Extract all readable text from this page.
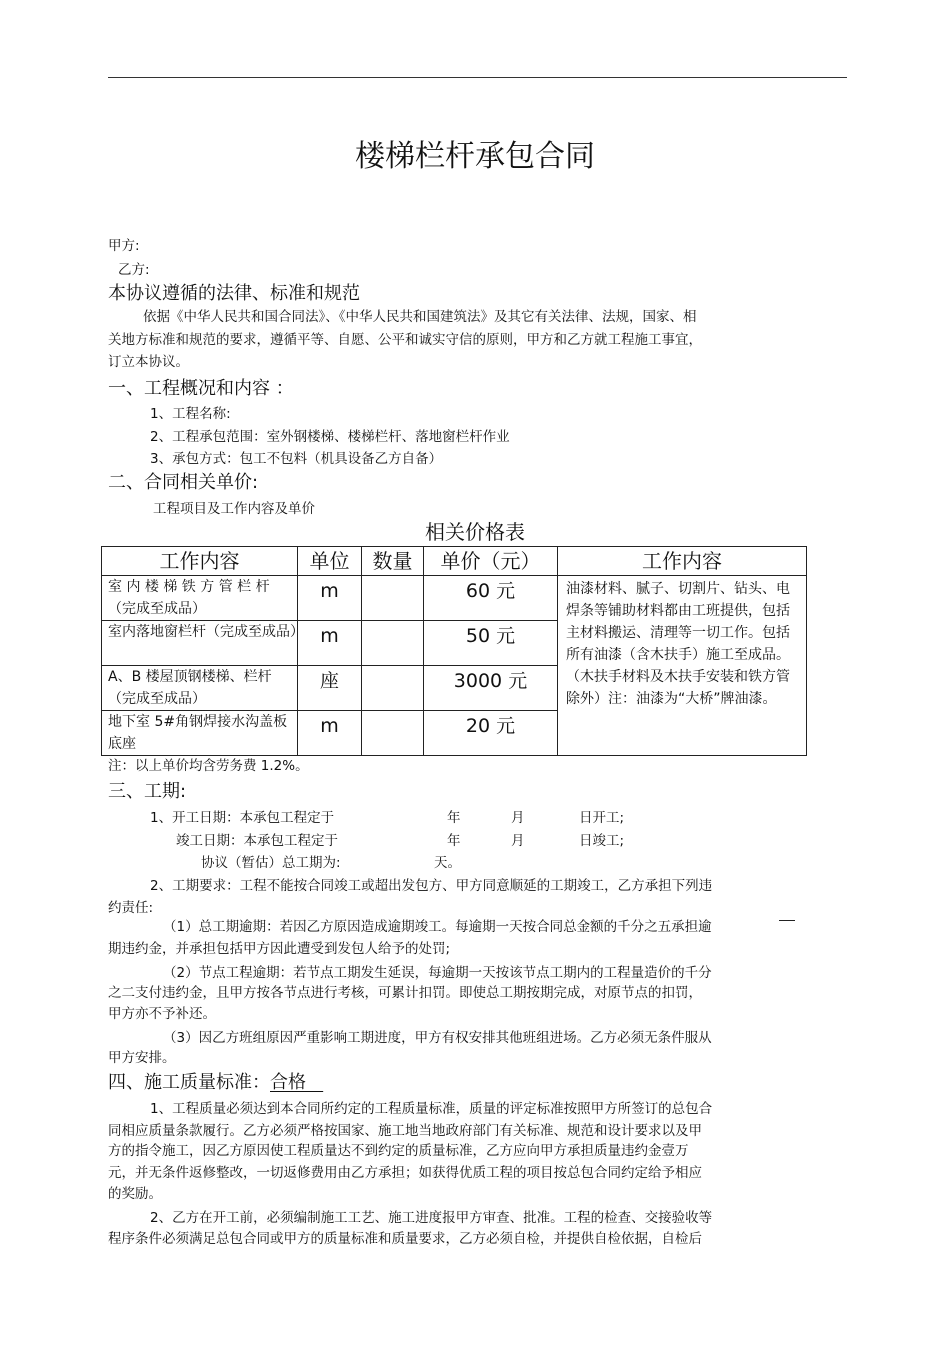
楼梯栏杆承包合同
甲方:
乙方:
本协议遵循的法律、标准和规范
依据《中华人民共和国合同法》、《中华人民共和国建筑法》及其它有关法律、法规，国家、相
关地方标准和规范的要求，遵循平等、自愿、公平和诚实守信的原则，甲方和乙方就工程施工事宜，
订立本协议。
一、工程概况和内容 ：
1、工程名称:
2、工程承包范围：室外钢楼梯、楼梯栏杆、落地窗栏杆作业
3、承包方式：包工不包料（机具设备乙方自备）
二、合同相关单价:
工程项目及工作内容及单价
相关价格表
工作内容	单位	数量	单价（元）	工作内容
室 内 楼 梯 铁 方 管 栏 杆（完成至成品）	m		60 元	油漆材料、腻子、切割片、钻头、电焊条等铺助材料都由工班提供，包括主材料搬运、清理等一切工作。包括所有油漆（含木扶手）施工至成品。（木扶手材料及木扶手安装和铁方管除外）注：油漆为“大桥”牌油漆。
室内落地窗栏杆（完成至成品）	m		50 元	
A、B 楼屋顶钢楼梯、栏杆（完成至成品）	座		3000 元	
地下室 5#角钢焊接水沟盖板底座	m		20 元	
注：以上单价均含劳务费 1.2%。
三、工期:
1、开工日期：本承包工程定于	年	月	日开工;
竣工日期：本承包工程定于	年	月	日竣工;
协议（暂估）总工期为:	天。
2、工期要求：工程不能按合同竣工或超出发包方、甲方同意顺延的工期竣工，乙方承担下列违
约责任:
（1）总工期逾期：若因乙方原因造成逾期竣工。每逾期一天按合同总金额的千分之五承担逾
期违约金，并承担包括甲方因此遭受到发包人给予的处罚;
（2）节点工程逾期：若节点工期发生延误，每逾期一天按该节点工期内的工程量造价的千分
之二支付违约金，且甲方按各节点进行考核，可累计扣罚。即使总工期按期完成，对原节点的扣罚，
甲方亦不予补还。
（3）因乙方班组原因严重影响工期进度，甲方有权安排其他班组进场。乙方必须无条件服从
甲方安排。
四、施工质量标准：合格
1、工程质量必须达到本合同所约定的工程质量标准，质量的评定标准按照甲方所签订的总包合
同相应质量条款履行。乙方必须严格按国家、施工地当地政府部门有关标准、规范和设计要求以及甲
方的指令施工，因乙方原因使工程质量达不到约定的质量标准，乙方应向甲方承担质量违约金壹万
元，并无条件返修整改，一切返修费用由乙方承担；如获得优质工程的项目按总包合同约定给予相应
的奖励。
2、乙方在开工前，必须编制施工工艺、施工进度报甲方审查、批准。工程的检查、交接验收等
程序条件必须满足总包合同或甲方的质量标准和质量要求，乙方必须自检，并提供自检依据，自检后
